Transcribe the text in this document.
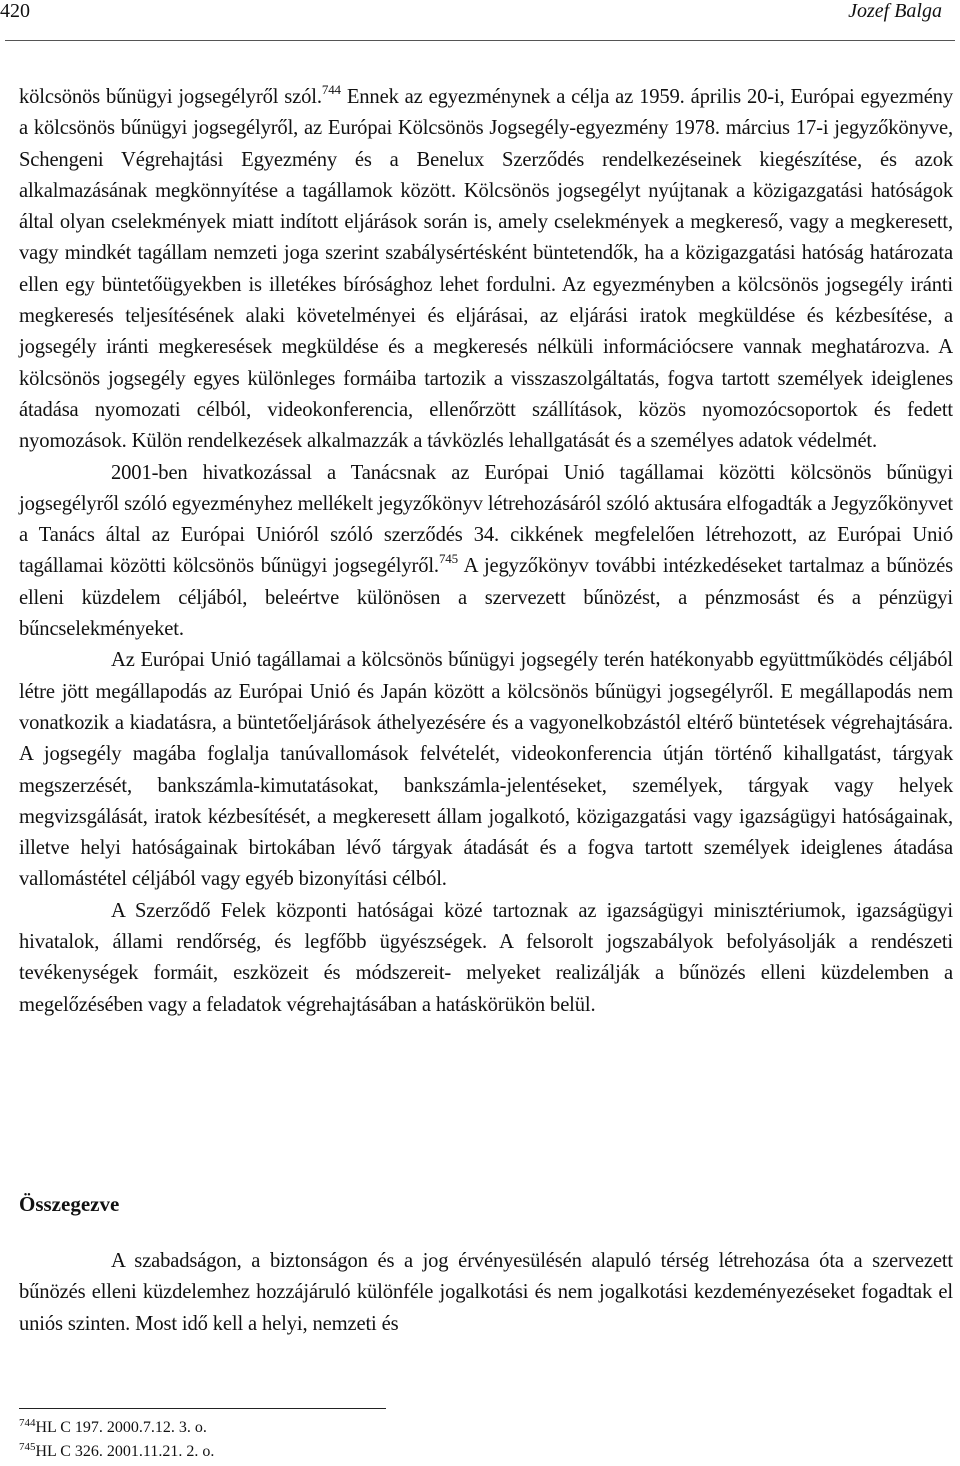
420	Jozef Balga

kölcsönös bűnügyi jogsegélyről szól.$^{744}$ Ennek az egyezménynek a célja az 1959. április 20-i, Európai egyezmény a kölcsönös bűnügyi jogsegélyről, az Európai Kölcsönös Jogsegély-egyezmény 1978. március 17-i jegyzőkönyve, Schengeni Végrehajtási Egyezmény és a Benelux Szerződés rendelkezéseinek kiegészítése, és azok alkalmazásának megkönnyítése a tagállamok között. Kölcsönös jogsegélyt nyújtanak a közigazgatási hatóságok által olyan cselekmények miatt indított eljárások során is, amely cselekmények a megkereső, vagy a megkeresett, vagy mindkét tagállam nemzeti joga szerint szabálysértésként büntetendők, ha a közigazgatási hatóság határozata ellen egy büntetőügyekben is illetékes bírósághoz lehet fordulni. Az egyezményben a kölcsönös jogsegély iránti megkeresés teljesítésének alaki követelményei és eljárásai, az eljárási iratok megküldése és kézbesítése, a jogsegély iránti megkeresések megküldése és a megkeresés nélküli információcsere vannak meghatározva. A kölcsönös jogsegély egyes különleges formáiba tartozik a visszaszolgáltatás, fogva tartott személyek ideiglenes átadása nyomozati célból, videokonferencia, ellenőrzött szállítások, közös nyomozócsoportok és fedett nyomozások. Külön rendelkezések alkalmazzák a távközlés lehallgatását és a személyes adatok védelmét.

2001-ben hivatkozással a Tanácsnak az Európai Unió tagállamai közötti kölcsönös bűnügyi jogsegélyről szóló egyezményhez mellékelt jegyzőkönyv létrehozásáról szóló aktusára elfogadták a Jegyzőkönyvet a Tanács által az Európai Unióról szóló szerződés 34. cikkének megfelelően létrehozott, az Európai Unió tagállamai közötti kölcsönös bűnügyi jogsegélyről.$^{745}$ A jegyzőkönyv további intézkedéseket tartalmaz a bűnözés elleni küzdelem céljából, beleértve különösen a szervezett bűnözést, a pénzmosást és a pénzügyi bűncselekményeket.

Az Európai Unió tagállamai a kölcsönös bűnügyi jogsegély terén hatékonyabb együttműködés céljából létre jött megállapodás az Európai Unió és Japán között a kölcsönös bűnügyi jogsegélyről. E megállapodás nem vonatkozik a kiadatásra, a büntetőeljárások áthelyezésére és a vagyonelkobzástól eltérő büntetések végrehajtására. A jogsegély magába foglalja tanúvallomások felvételét, videokonferencia útján történő kihallgatást, tárgyak megszerzését, bankszámla-kimutatásokat, bankszámla-jelentéseket, személyek, tárgyak vagy helyek megvizsgálását, iratok kézbesítését, a megkeresett állam jogalkotó, közigazgatási vagy igazságügyi hatóságainak, illetve helyi hatóságainak birtokában lévő tárgyak átadását és a fogva tartott személyek ideiglenes átadása vallomástétel céljából vagy egyéb bizonyítási célból.

A Szerződő Felek központi hatóságai közé tartoznak az igazságügyi minisztériumok, igazságügyi hivatalok, állami rendőrség, és legfőbb ügyészségek. A felsorolt jogszabályok befolyásolják a rendészeti tevékenységek formáit, eszközeit és módszereit- melyeket realizálják a bűnözés elleni küzdelemben a megelőzésében vagy a feladatok végrehajtásában a hatáskörükön belül.

Összegezve

A szabadságon, a biztonságon és a jog érvényesülésén alapuló térség létrehozása óta a szervezett bűnözés elleni küzdelemhez hozzájáruló különféle jogalkotási és nem jogalkotási kezdeményezéseket fogadtak el uniós szinten. Most idő kell a helyi, nemzeti és

$^{744}$HL C 197. 2000.7.12. 3. o.

$^{745}$HL C 326. 2001.11.21. 2. o.
